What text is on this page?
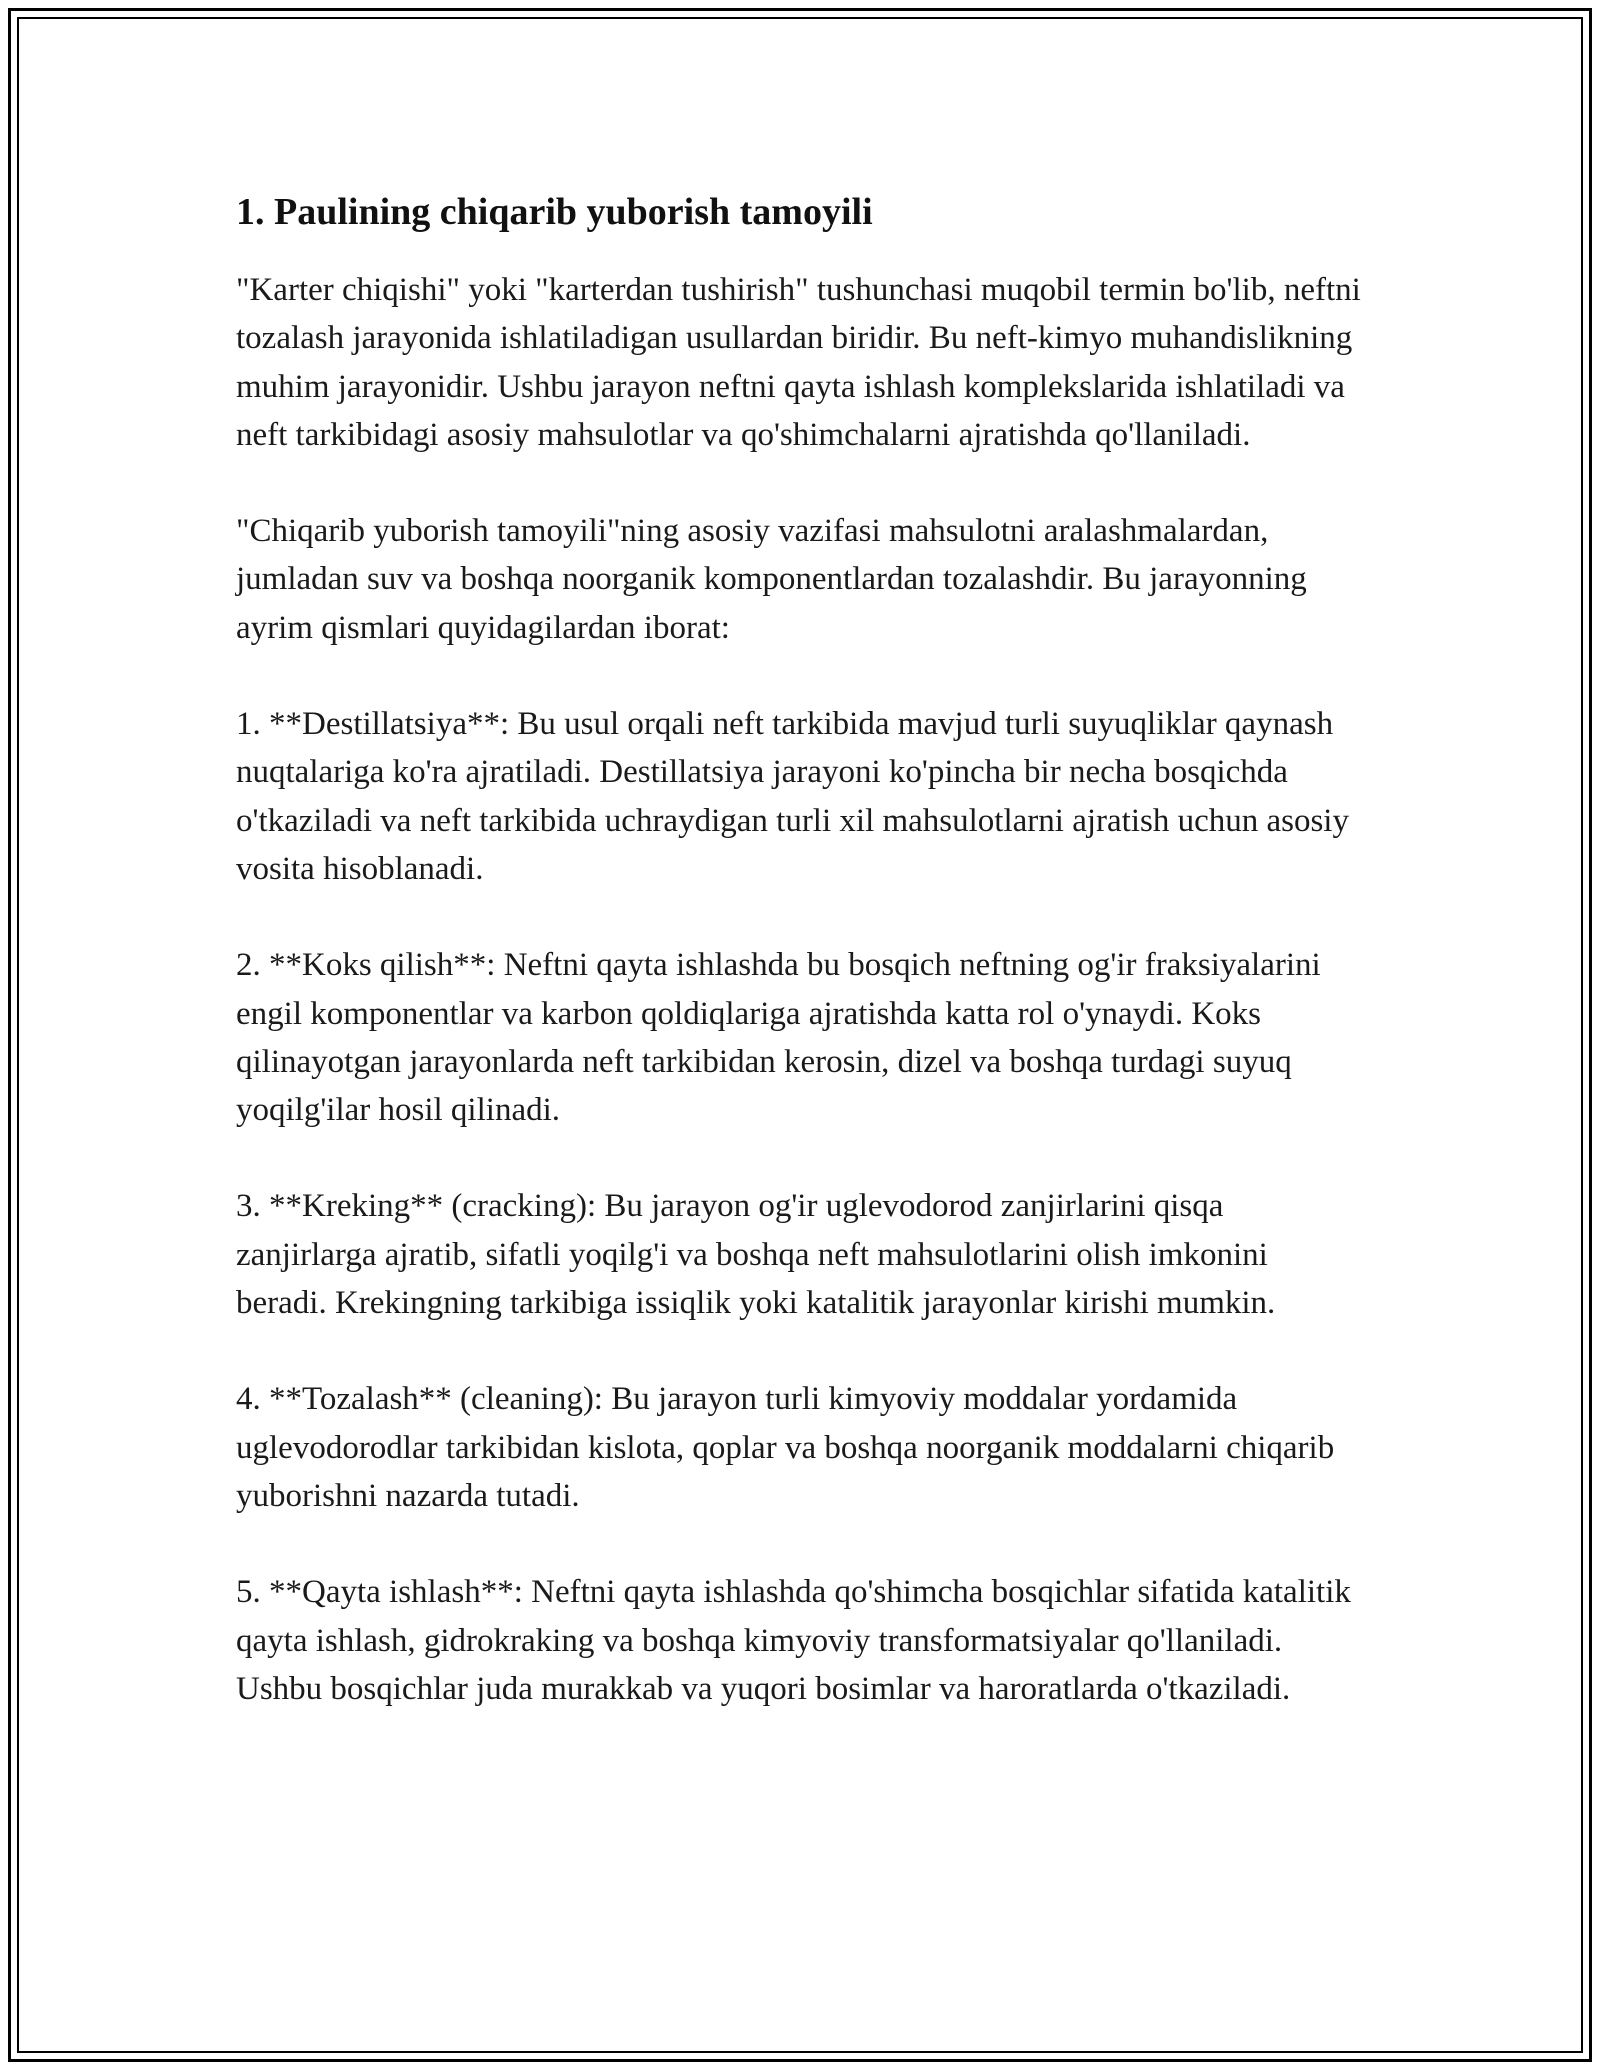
1. Paulining chiqarib yuborish tamoyili

"Karter chiqishi" yoki "karterdan tushirish" tushunchasi muqobil termin bo'lib, neftni tozalash jarayonida ishlatiladigan usullardan biridir. Bu neft-kimyo muhandislikning muhim jarayonidir. Ushbu jarayon neftni qayta ishlash komplekslarida ishlatiladi va neft tarkibidagi asosiy mahsulotlar va qo'shimchalarni ajratishda qo'llaniladi.

"Chiqarib yuborish tamoyili"ning asosiy vazifasi mahsulotni aralashmalardan, jumladan suv va boshqa noorganik komponentlardan tozalashdir. Bu jarayonning ayrim qismlari quyidagilardan iborat:

1. **Destillatsiya**: Bu usul orqali neft tarkibida mavjud turli suyuqliklar qaynash nuqtalariga ko'ra ajratiladi. Destillatsiya jarayoni ko'pincha bir necha bosqichda o'tkaziladi va neft tarkibida uchraydigan turli xil mahsulotlarni ajratish uchun asosiy vosita hisoblanadi.

2. **Koks qilish**: Neftni qayta ishlashda bu bosqich neftning og'ir fraksiyalarini engil komponentlar va karbon qoldiqlariga ajratishda katta rol o'ynaydi. Koks qilinayotgan jarayonlarda neft tarkibidan kerosin, dizel va boshqa turdagi suyuq yoqilg'ilar hosil qilinadi.

3. **Kreking** (cracking): Bu jarayon og'ir uglevodorod zanjirlarini qisqa zanjirlarga ajratib, sifatli yoqilg'i va boshqa neft mahsulotlarini olish imkonini beradi. Krekingning tarkibiga issiqlik yoki katalitik jarayonlar kirishi mumkin.

4. **Tozalash** (cleaning): Bu jarayon turli kimyoviy moddalar yordamida uglevodorodlar tarkibidan kislota, qoplar va boshqa noorganik moddalarni chiqarib yuborishni nazarda tutadi.

5. **Qayta ishlash**: Neftni qayta ishlashda qo'shimcha bosqichlar sifatida katalitik qayta ishlash, gidrokraking va boshqa kimyoviy transformatsiyalar qo'llaniladi. Ushbu bosqichlar juda murakkab va yuqori bosimlar va haroratlarda o'tkaziladi.
